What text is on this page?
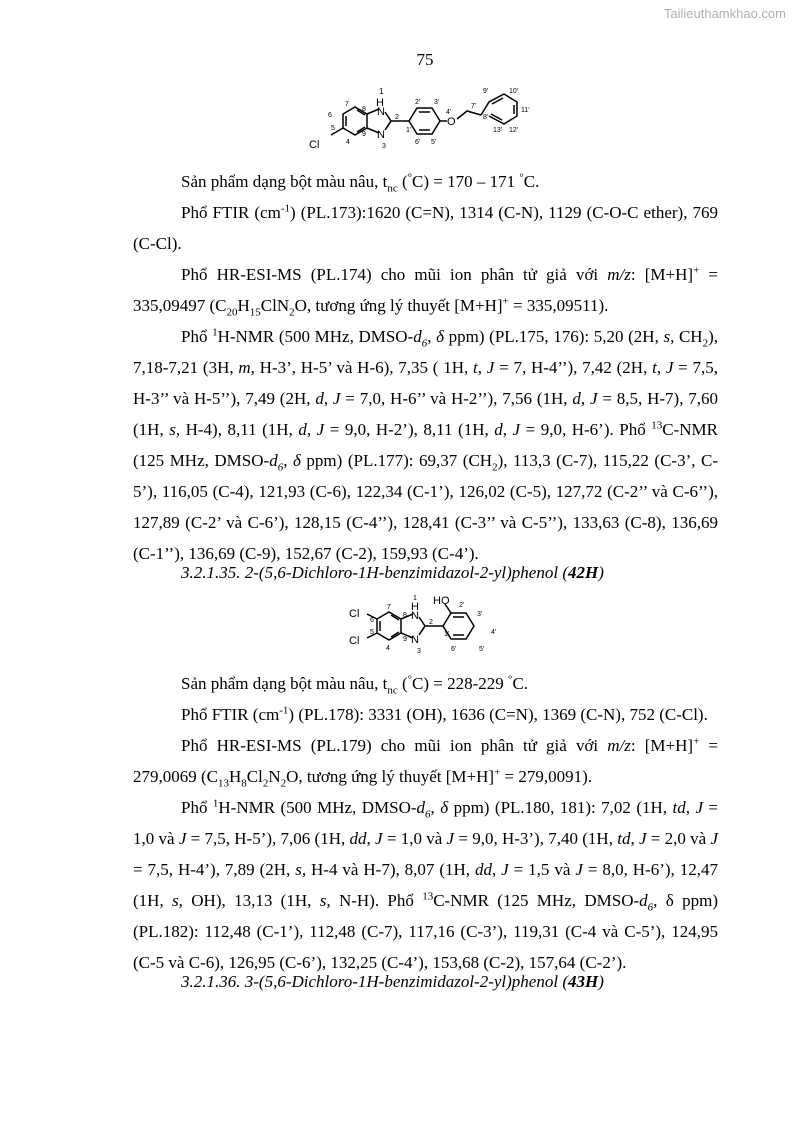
Tailieuthamkhao.com
75
1
H
N
N
Cl
O
2
3
4
5
6
7
8
9
1'
2' 3'
4'
5'
6'
7'
8'
9'	10'
11'
12'
13'

Sản phẩm dạng bột màu nâu, $t_{nc}$ (°C) = 170 – 171 °C.

Phổ FTIR $(cm^{-1})$ (PL.173):1620 (C=N), 1314 (C-N), 1129 (C-O-C ether), 769 (C-Cl).

Phổ HR-ESI-MS (PL.174) cho mũi ion phân tử giả với m/z: [M+H]+ = 335,09497 ($C_{20}H_{15}ClN_2O$, tương ứng lý thuyết [M+H]+ = 335,09511).

Phổ $^1$H-NMR (500 MHz, DMSO-$d_6$, δ ppm) (PL.175, 176): 5,20 (2H, s, $CH_2$), 7,18-7,21 (3H, m, H-3’, H-5’ và H-6), 7,35 ( 1H, t, J = 7, H-4’’), 7,42 (2H, t, J = 7,5, H-3’’ và H-5’’), 7,49 (2H, d, J = 7,0, H-6’’ và H-2’’), 7,56 (1H, d, J = 8,5, H-7), 7,60 (1H, s, H-4), 8,11 (1H, d, J = 9,0, H-2’), 8,11 (1H, d, J = 9,0, H-6’). Phổ $^{13}$C-NMR (125 MHz, DMSO-$d_6$, δ ppm) (PL.177): 69,37 $(CH_2)$, 113,3 (C-7), 115,22 (C-3’, C-5’), 116,05 (C-4), 121,93 (C-6), 122,34 (C-1’), 126,02 (C-5), 127,72 (C-2’’ và C-6’’), 127,89 (C-2’ và C-6’), 128,15 (C-4’’), 128,41 (C-3’’ và C-5’’), 133,63 (C-8), 136,69 (C-1’’), 136,69 (C-9), 152,67 (C-2), 159,93 (C-4’).

3.2.1.35. 2-(5,6-Dichloro-1H-benzimidazol-2-yl)phenol (42H)

H
N
N
Cl
Cl
HO
1
2
3
4
5
6
7
8
9
1'
2'
3'
4'
5'
6'

Sản phẩm dạng bột màu nâu, $t_{nc}$ (°C) = 228-229 °C.

Phổ FTIR $(cm^{-1})$ (PL.178): 3331 (OH), 1636 (C=N), 1369 (C-N), 752 (C-Cl).

Phổ HR-ESI-MS (PL.179) cho mũi ion phân tử giả với m/z: [M+H]+ = 279,0069 ($C_{13}H_8Cl_2N_2O$, tương ứng lý thuyết [M+H]+ = 279,0091).

Phổ $^1$H-NMR (500 MHz, DMSO-$d_6$, δ ppm) (PL.180, 181): 7,02 (1H, td, J = 1,0 và J = 7,5, H-5’), 7,06 (1H, dd, J = 1,0 và J = 9,0, H-3’), 7,40 (1H, td, J = 2,0 và J = 7,5, H-4’), 7,89 (2H, s, H-4 và H-7), 8,07 (1H, dd, J = 1,5 và J = 8,0, H-6’), 12,47 (1H, s, OH), 13,13 (1H, s, N-H). Phổ $^{13}$C-NMR (125 MHz, DMSO-$d_6$, δ ppm) (PL.182): 112,48 (C-1’), 112,48 (C-7), 117,16 (C-3’), 119,31 (C-4 và C-5’), 124,95 (C-5 và C-6), 126,95 (C-6’), 132,25 (C-4’), 153,68 (C-2), 157,64 (C-2’).

3.2.1.36. 3-(5,6-Dichloro-1H-benzimidazol-2-yl)phenol (43H)
